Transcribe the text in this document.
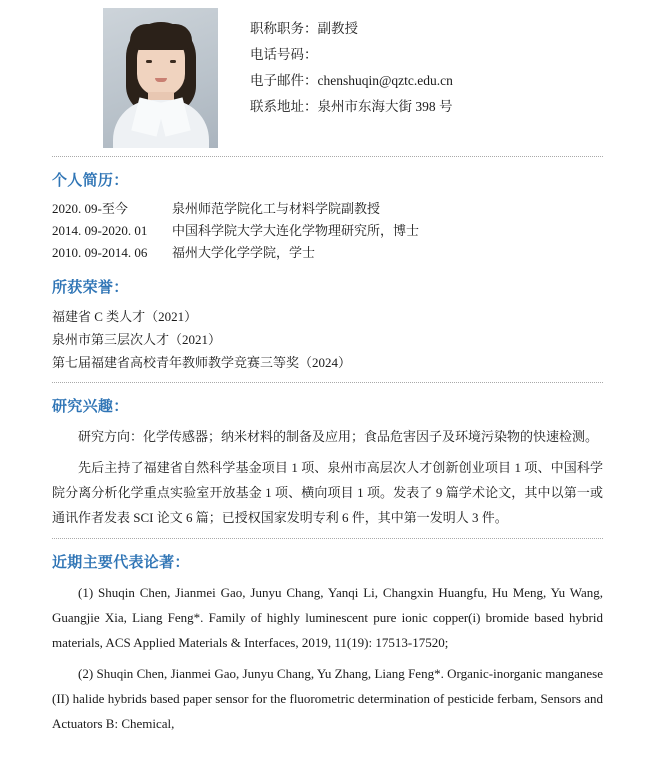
职称职务：副教授
电话号码：
电子邮件：chenshuqin@qztc.edu.cn
联系地址：泉州市东海大街 398 号
个人简历：
2020. 09-至今	泉州师范学院化工与材料学院副教授
2014. 09-2020. 01	中国科学院大学大连化学物理研究所，博士
2010. 09-2014. 06	福州大学化学学院，学士
所获荣誉：
福建省 C 类人才（2021）
泉州市第三层次人才（2021）
第七届福建省高校青年教师教学竞赛三等奖（2024）
研究兴趣：
研究方向：化学传感器；纳米材料的制备及应用；食品危害因子及环境污染物的快速检测。
先后主持了福建省自然科学基金项目 1 项、泉州市高层次人才创新创业项目 1 项、中国科学院分离分析化学重点实验室开放基金 1 项、横向项目 1 项。发表了 9 篇学术论文，其中以第一或通讯作者发表 SCI 论文 6 篇；已授权国家发明专利 6 件，其中第一发明人 3 件。
近期主要代表论著：
(1) Shuqin Chen, Jianmei Gao, Junyu Chang, Yanqi Li, Changxin Huangfu, Hu Meng, Yu Wang, Guangjie Xia, Liang Feng*. Family of highly luminescent pure ionic copper(i) bromide based hybrid materials, ACS Applied Materials & Interfaces, 2019, 11(19): 17513-17520;
(2) Shuqin Chen, Jianmei Gao, Junyu Chang, Yu Zhang, Liang Feng*. Organic-inorganic manganese (II) halide hybrids based paper sensor for the fluorometric determination of pesticide ferbam, Sensors and Actuators B: Chemical,
